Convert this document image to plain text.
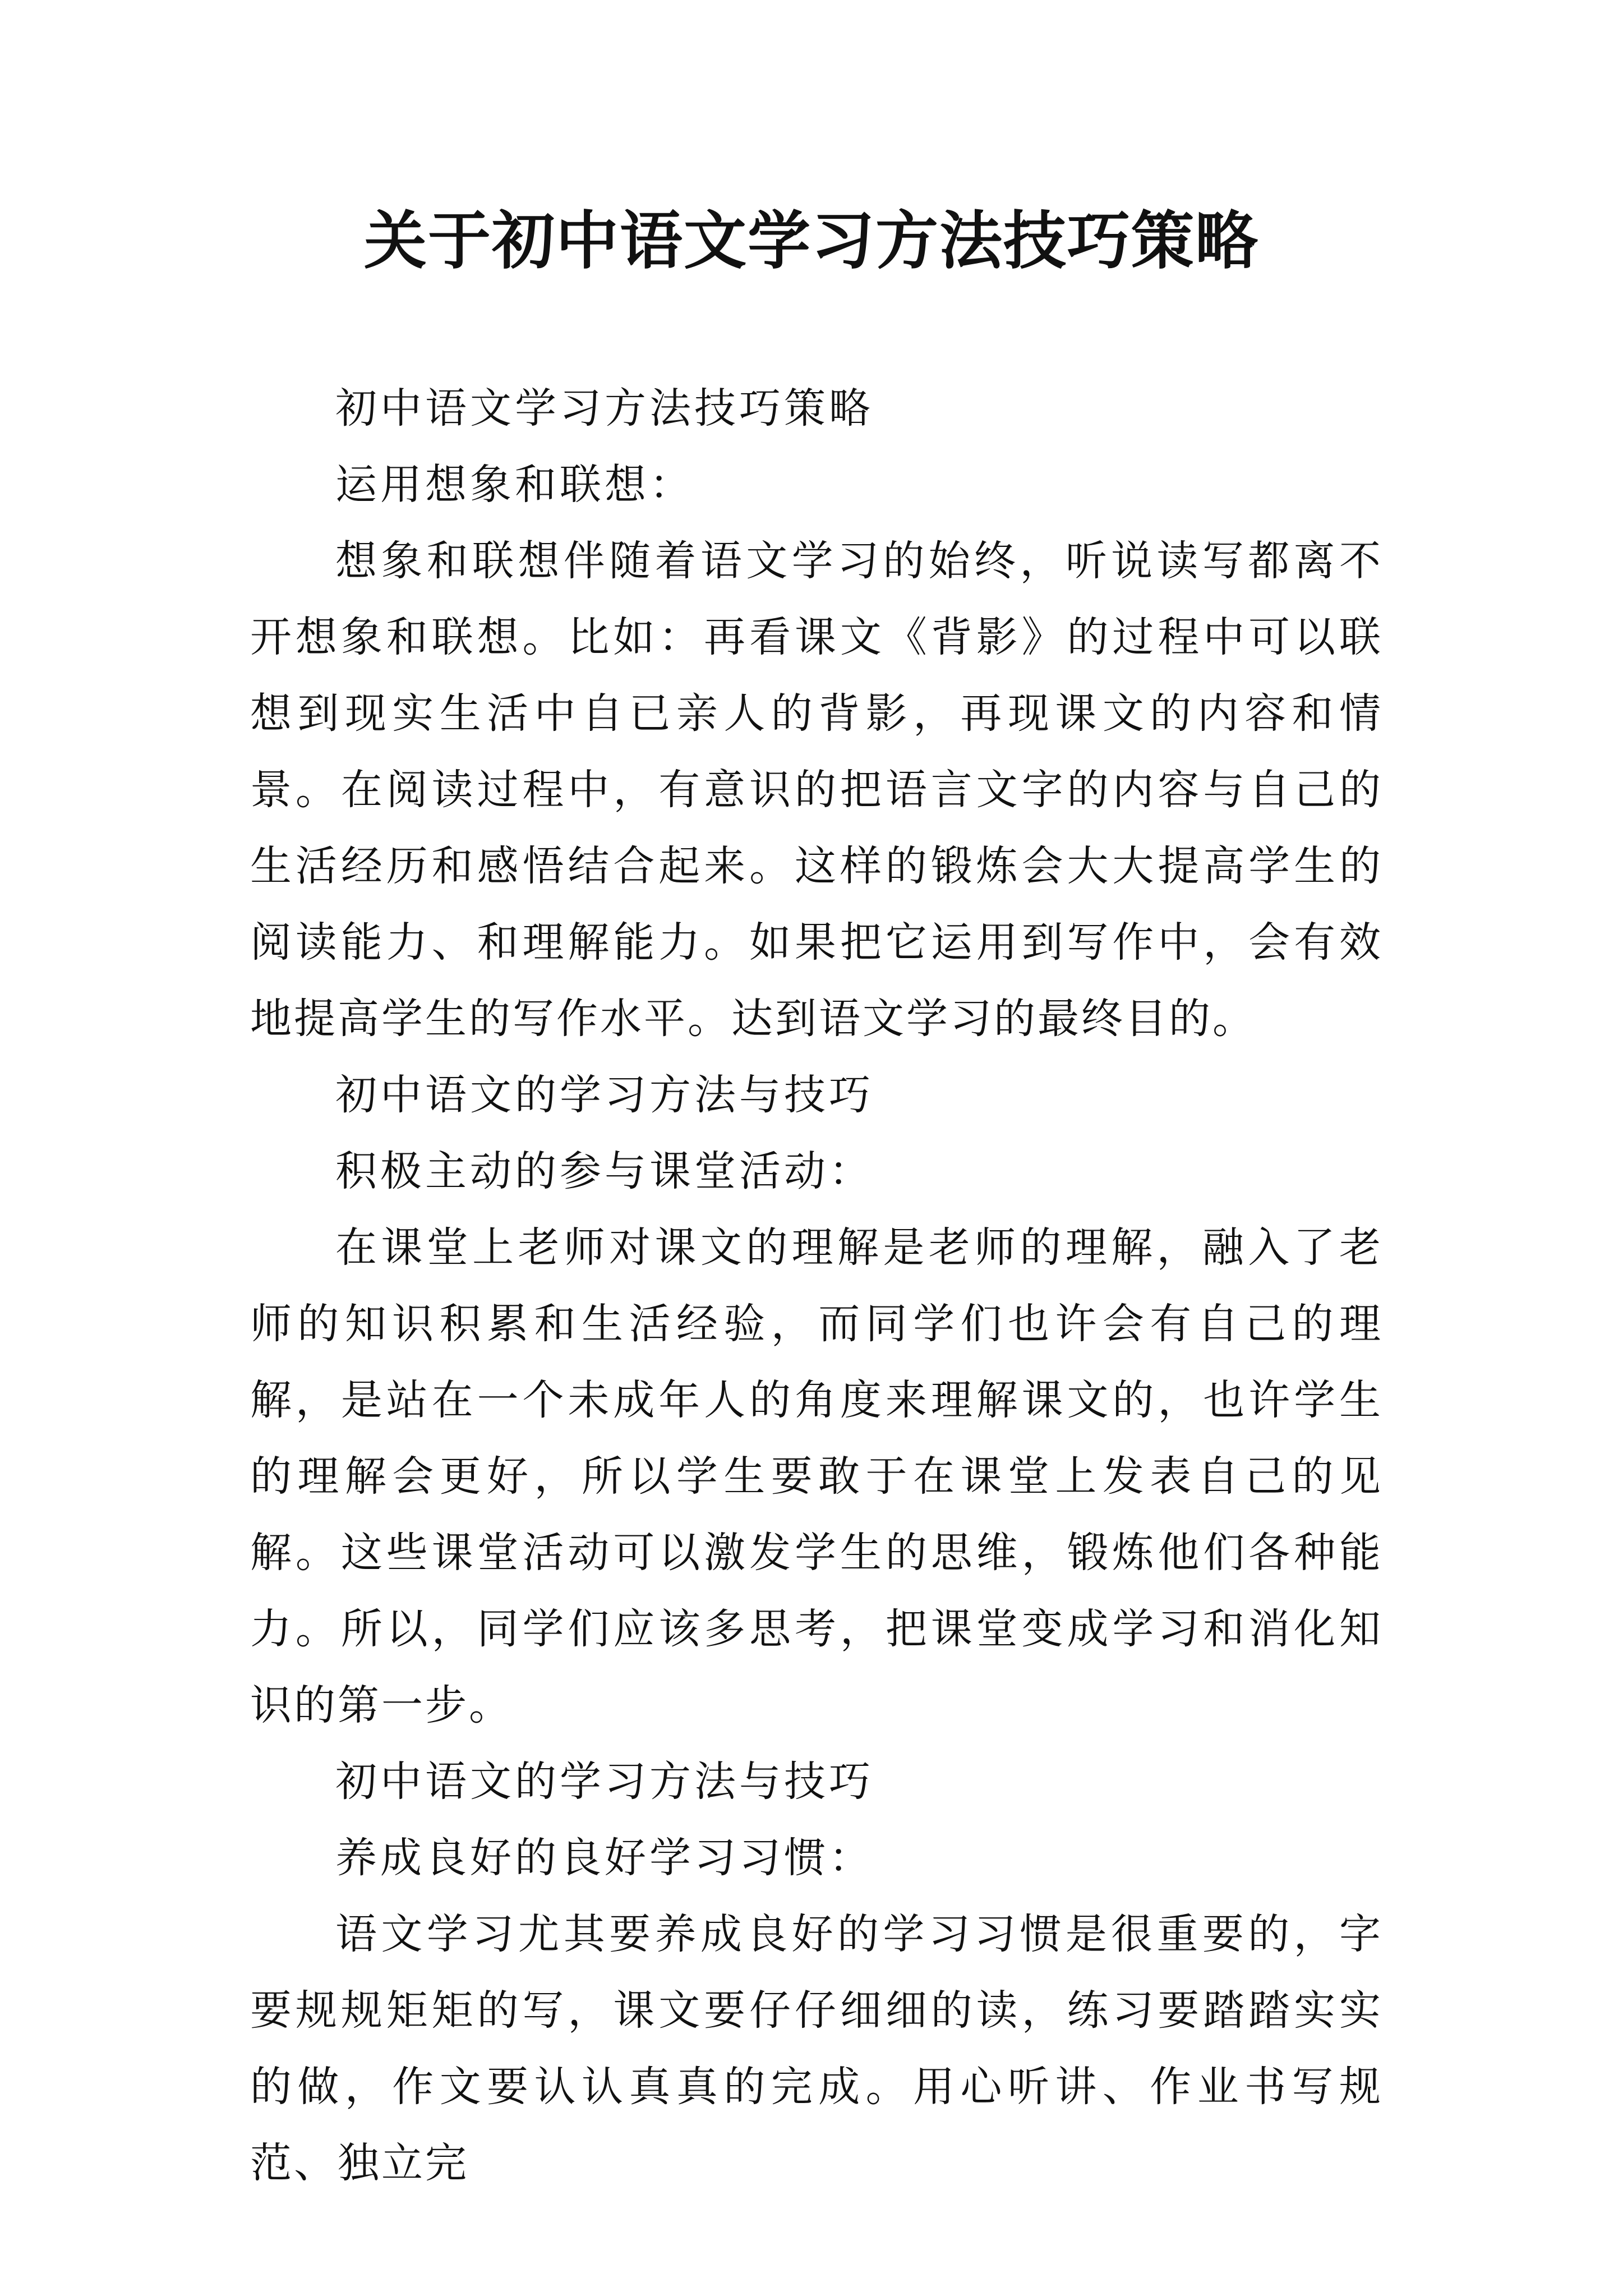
关于初中语文学习方法技巧策略

初中语文学习方法技巧策略

运用想象和联想：

想象和联想伴随着语文学习的始终，听说读写都离不开想象和联想。比如：再看课文《背影》的过程中可以联想到现实生活中自已亲人的背影，再现课文的内容和情景。在阅读过程中，有意识的把语言文字的内容与自己的生活经历和感悟结合起来。这样的锻炼会大大提高学生的阅读能力、和理解能力。如果把它运用到写作中，会有效地提高学生的写作水平。达到语文学习的最终目的。

初中语文的学习方法与技巧

积极主动的参与课堂活动：

在课堂上老师对课文的理解是老师的理解，融入了老师的知识积累和生活经验，而同学们也许会有自己的理解，是站在一个未成年人的角度来理解课文的，也许学生的理解会更好，所以学生要敢于在课堂上发表自己的见解。这些课堂活动可以激发学生的思维，锻炼他们各种能力。所以，同学们应该多思考，把课堂变成学习和消化知识的第一步。

初中语文的学习方法与技巧

养成良好的良好学习习惯：

语文学习尤其要养成良好的学习习惯是很重要的，字要规规矩矩的写，课文要仔仔细细的读，练习要踏踏实实的做，作文要认认真真的完成。用心听讲、作业书写规范、独立完
